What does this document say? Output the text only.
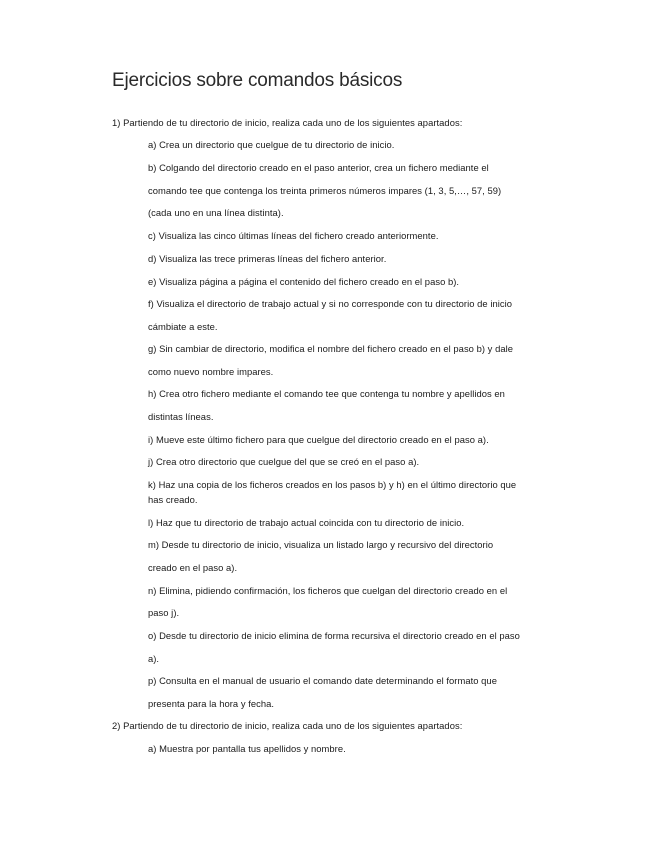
Ejercicios sobre comandos básicos
1) Partiendo de tu directorio de inicio, realiza cada uno de los siguientes apartados:
a) Crea un directorio que cuelgue de tu directorio de inicio.
b) Colgando del directorio creado en el paso anterior, crea un fichero mediante el
comando tee que contenga los treinta primeros números impares (1, 3, 5,…, 57, 59)
(cada uno en una línea distinta).
c) Visualiza las cinco últimas líneas del fichero creado anteriormente.
d) Visualiza las trece primeras líneas del fichero anterior.
e) Visualiza página a página el contenido del fichero creado en el paso b).
f) Visualiza el directorio de trabajo actual y si no corresponde con tu directorio de inicio
cámbiate a este.
g) Sin cambiar de directorio, modifica el nombre del fichero creado en el paso b) y dale
como nuevo nombre impares.
h) Crea otro fichero mediante el comando tee que contenga tu nombre y apellidos en
distintas líneas.
i) Mueve este último fichero para que cuelgue del directorio creado en el paso a).
j) Crea otro directorio que cuelgue del que se creó en el paso a).
k) Haz una copia de los ficheros creados en los pasos b) y h) en el último directorio que
has creado.
l) Haz que tu directorio de trabajo actual coincida con tu directorio de inicio.
m) Desde tu directorio de inicio, visualiza un listado largo y recursivo del directorio
creado en el paso a).
n) Elimina, pidiendo confirmación, los ficheros que cuelgan del directorio creado en el
paso j).
o) Desde tu directorio de inicio elimina de forma recursiva el directorio creado en el paso
a).
p) Consulta en el manual de usuario el comando date determinando el formato que
presenta para la hora y fecha.
2) Partiendo de tu directorio de inicio, realiza cada uno de los siguientes apartados:
a) Muestra por pantalla tus apellidos y nombre.
